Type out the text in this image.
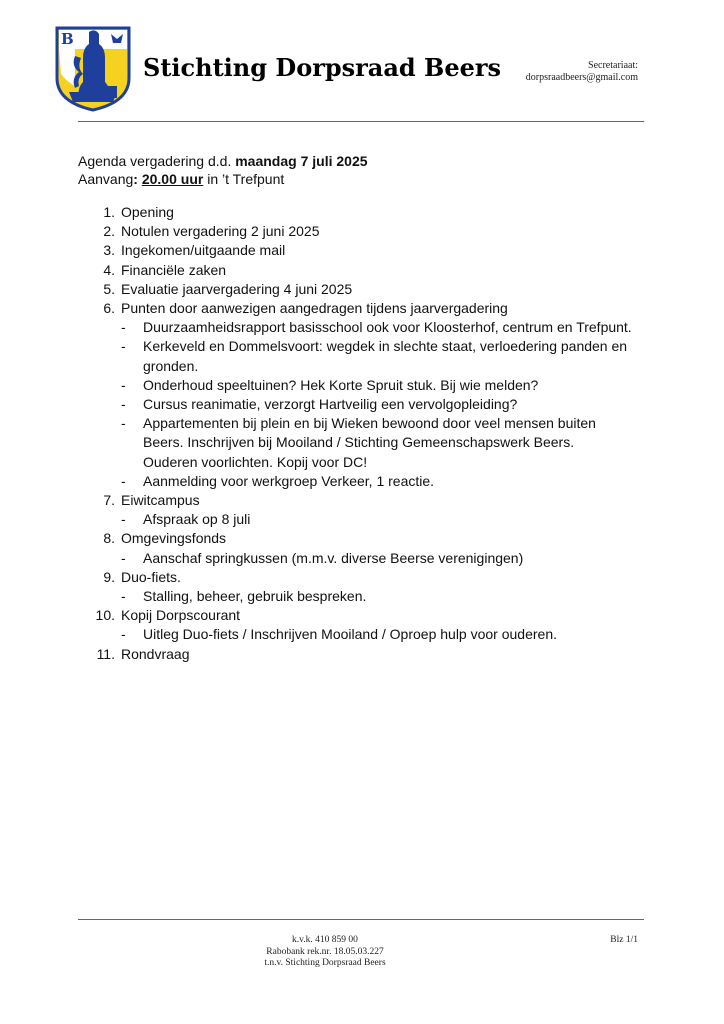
B
Stichting Dorpsraad Beers	Secretariaat:
dorpsraadbeers@gmail.com
Agenda vergadering d.d. maandag 7 juli 2025
Aanvang: 20.00 uur in ’t Trefpunt
1. Opening
2. Notulen vergadering 2 juni 2025
3. Ingekomen/uitgaande mail
4. Financiële zaken
5. Evaluatie jaarvergadering 4 juni 2025
6. Punten door aanwezigen aangedragen tijdens jaarvergadering
- Duurzaamheidsrapport basisschool ook voor Kloosterhof, centrum en Trefpunt.
- Kerkeveld en Dommelsvoort: wegdek in slechte staat, verloedering panden en gronden.
- Onderhoud speeltuinen? Hek Korte Spruit stuk. Bij wie melden?
- Cursus reanimatie, verzorgt Hartveilig een vervolgopleiding?
- Appartementen bij plein en bij Wieken bewoond door veel mensen buiten Beers. Inschrijven bij Mooiland / Stichting Gemeenschapswerk Beers. Ouderen voorlichten. Kopij voor DC!
- Aanmelding voor werkgroep Verkeer, 1 reactie.
7. Eiwitcampus
- Afspraak op 8 juli
8. Omgevingsfonds
- Aanschaf springkussen (m.m.v. diverse Beerse verenigingen)
9. Duo-fiets.
- Stalling, beheer, gebruik bespreken.
10. Kopij Dorpscourant
- Uitleg Duo-fiets / Inschrijven Mooiland / Oproep hulp voor ouderen.
11. Rondvraag
k.v.k. 410 859 00
Rabobank rek.nr. 18.05.03.227
t.n.v. Stichting Dorpsraad Beers
Blz 1/1
